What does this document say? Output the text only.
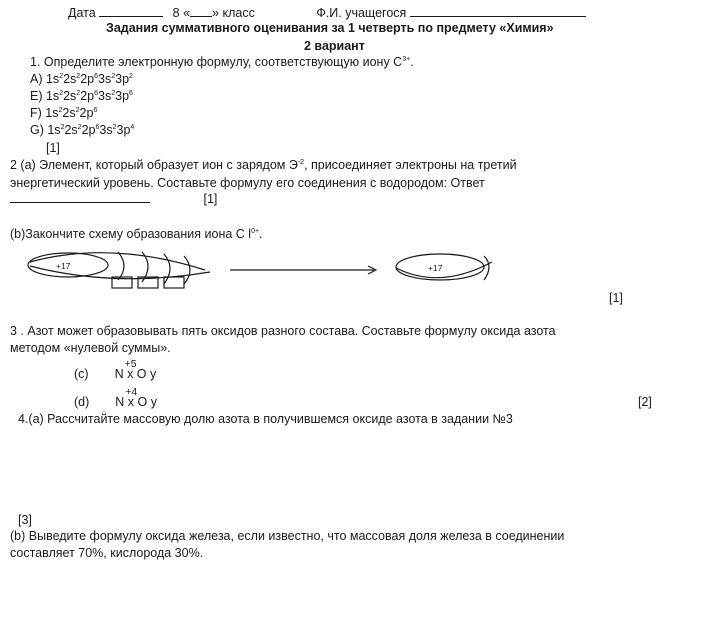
Дата	8 « » класс	Ф.И. учащегося
Задания суммативного оценивания за 1 четверть по предмету «Химия»
2 вариант
1. Определите электронную формулу, соответствующую иону $С^{3+}$.
A) $1s^22s^22p^63s^23p^2$
E) $1s^22s^22p^63s^23p^6$
F) $1s^22s^22p^6$
G) $1s^22s^22p^63s^23p^4$
[1]
2 (а) Элемент, который образует ион с зарядом $Э^{-2}$, присоединяет электроны на третий
энергетический уровень. Составьте формулу его соединения с водородом: Ответ
[1]
(b)Закончите схему образования иона С $l^{0+}$.
+17	+17
[1]
3 . Азот может образовывать пять оксидов разного состава. Составьте формулу оксида азота
методом «нулевой суммы».
(c)
+5
N x O y
(d)
+4
N x O y	[2]
4.(a) Рассчитайте массовую долю азота в получившемся оксиде азота в задании №3
[3]
(b) Выведите формулу оксида железа, если известно, что массовая доля железа в соединении
составляет 70%, кислорода 30%.
